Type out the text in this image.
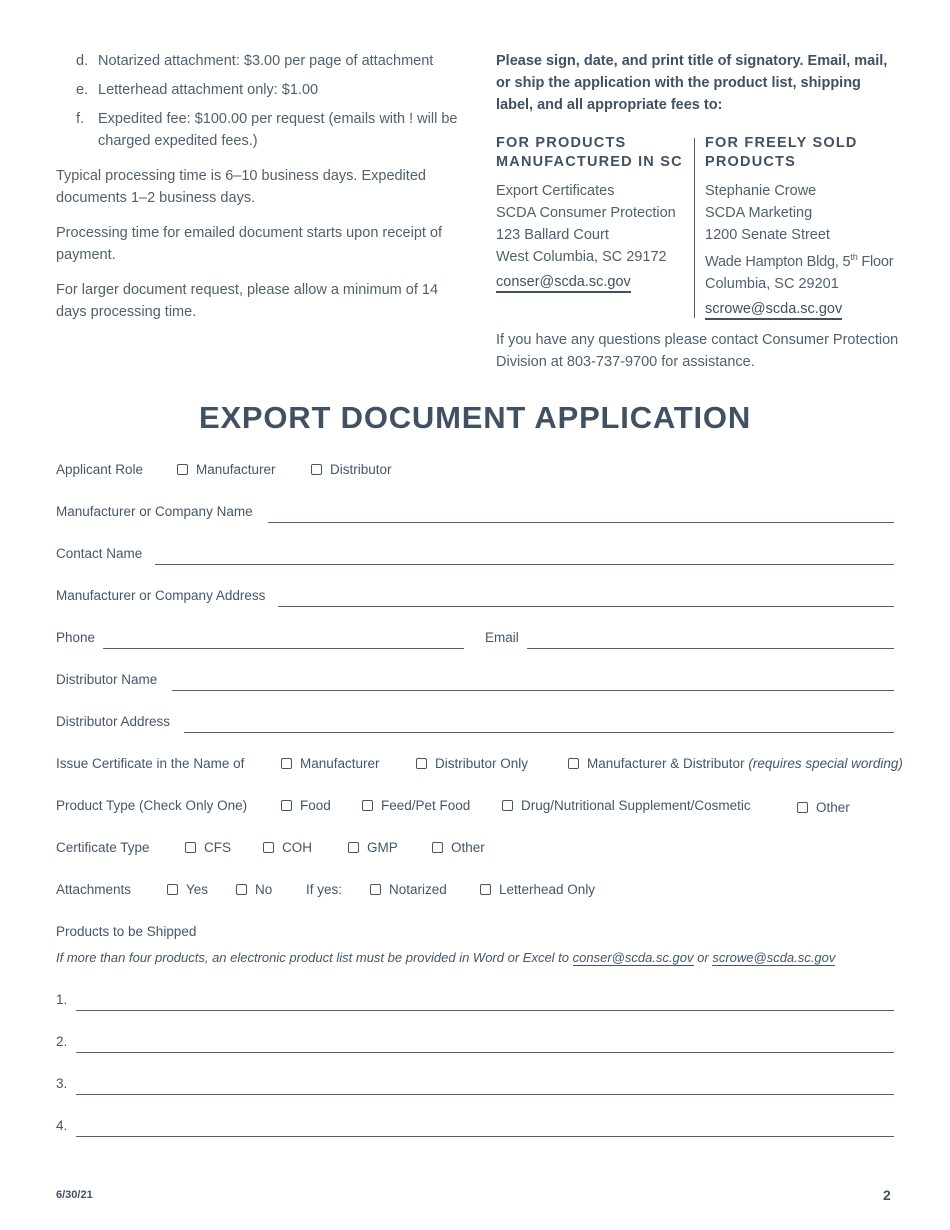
d. Notarized attachment: $3.00 per page of attachment
e. Letterhead attachment only: $1.00
f. Expedited fee: $100.00 per request (emails with ! will be charged expedited fees.)

Typical processing time is 6–10 business days. Expedited documents 1–2 business days.

Processing time for emailed document starts upon receipt of payment.

For larger document request, please allow a minimum of 14 days processing time.

Please sign, date, and print title of signatory. Email, mail, or ship the application with the product list, shipping label, and all appropriate fees to:
FOR PRODUCTS MANUFACTURED IN SC
Export Certificates
SCDA Consumer Protection
123 Ballard Court
West Columbia, SC 29172
conser@scda.sc.gov
FOR FREELY SOLD PRODUCTS
Stephanie Crowe
SCDA Marketing
1200 Senate Street
Wade Hampton Bldg, 5th Floor
Columbia, SC 29201
scrowe@scda.sc.gov
If you have any questions please contact Consumer Protection Division at 803-737-9700 for assistance.
EXPORT DOCUMENT APPLICATION
Applicant Role	Manufacturer	Distributor
Manufacturer or Company Name
Contact Name
Manufacturer or Company Address
Phone	Email
Distributor Name
Distributor Address
Issue Certificate in the Name of	Manufacturer	Distributor Only	Manufacturer & Distributor (requires special wording)
Product Type (Check Only One)	Food	Feed/Pet Food	Drug/Nutritional Supplement/Cosmetic	Other
Certificate Type	CFS	COH	GMP	Other
Attachments	Yes	No If yes:	Notarized	Letterhead Only
Products to be Shipped
If more than four products, an electronic product list must be provided in Word or Excel to conser@scda.sc.gov or scrowe@scda.sc.gov
1.
2.
3.
4.
6/30/21	2
